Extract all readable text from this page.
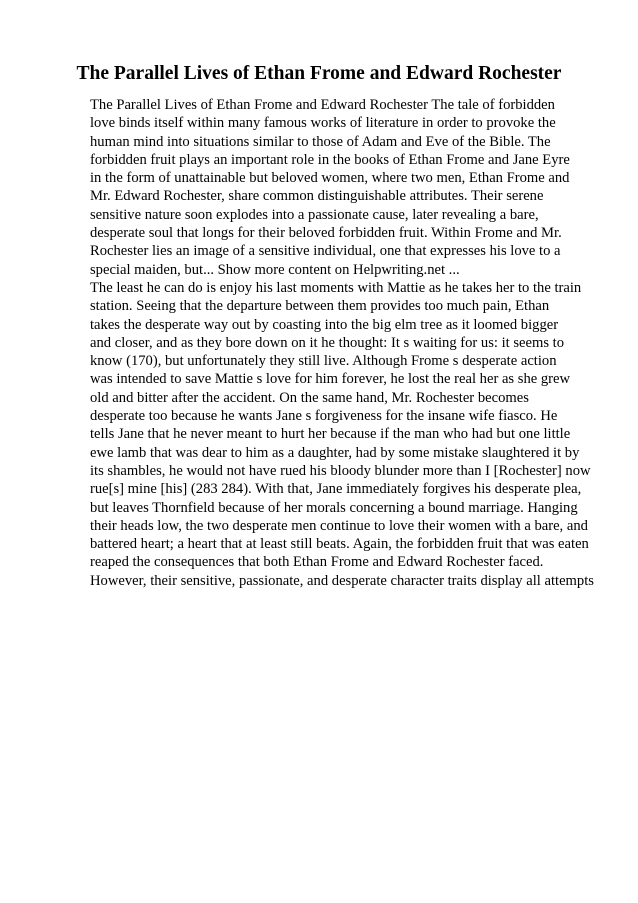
The Parallel Lives of Ethan Frome and Edward Rochester
The Parallel Lives of Ethan Frome and Edward Rochester The tale of forbidden
love binds itself within many famous works of literature in order to provoke the
human mind into situations similar to those of Adam and Eve of the Bible. The
forbidden fruit plays an important role in the books of Ethan Frome and Jane Eyre
in the form of unattainable but beloved women, where two men, Ethan Frome and
Mr. Edward Rochester, share common distinguishable attributes. Their serene
sensitive nature soon explodes into a passionate cause, later revealing a bare,
desperate soul that longs for their beloved forbidden fruit. Within Frome and Mr.
Rochester lies an image of a sensitive individual, one that expresses his love to a
special maiden, but... Show more content on Helpwriting.net ...
The least he can do is enjoy his last moments with Mattie as he takes her to the train
station. Seeing that the departure between them provides too much pain, Ethan
takes the desperate way out by coasting into the big elm tree as it loomed bigger
and closer, and as they bore down on it he thought: It s waiting for us: it seems to
know (170), but unfortunately they still live. Although Frome s desperate action
was intended to save Mattie s love for him forever, he lost the real her as she grew
old and bitter after the accident. On the same hand, Mr. Rochester becomes
desperate too because he wants Jane s forgiveness for the insane wife fiasco. He
tells Jane that he never meant to hurt her because if the man who had but one little
ewe lamb that was dear to him as a daughter, had by some mistake slaughtered it by
its shambles, he would not have rued his bloody blunder more than I [Rochester] now
rue[s] mine [his] (283 284). With that, Jane immediately forgives his desperate plea,
but leaves Thornfield because of her morals concerning a bound marriage. Hanging
their heads low, the two desperate men continue to love their women with a bare, and
battered heart; a heart that at least still beats. Again, the forbidden fruit that was eaten
reaped the consequences that both Ethan Frome and Edward Rochester faced.
However, their sensitive, passionate, and desperate character traits display all attempts
